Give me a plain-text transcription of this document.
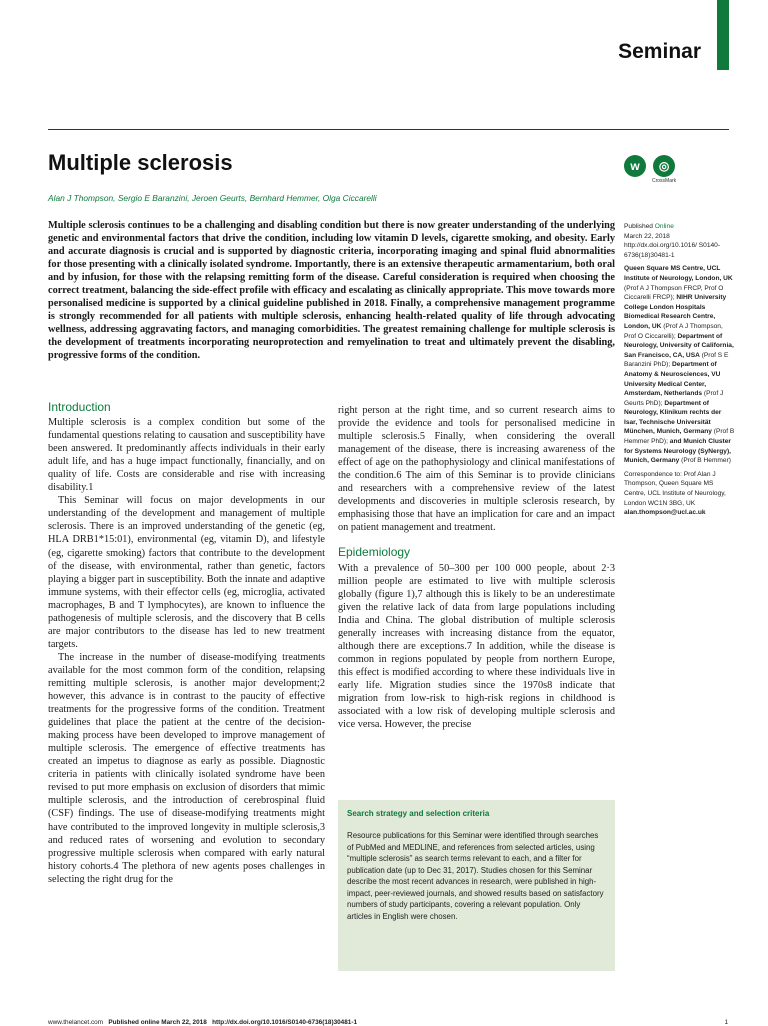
Seminar
Multiple sclerosis	w	◎
CrossMark
Alan J Thompson, Sergio E Baranzini, Jeroen Geurts, Bernhard Hemmer, Olga Ciccarelli

Multiple sclerosis continues to be a challenging and disabling condition but there is now greater understanding of the underlying genetic and environmental factors that drive the condition, including low vitamin D levels, cigarette smoking, and obesity. Early and accurate diagnosis is crucial and is supported by diagnostic criteria, incorporating imaging and spinal fluid abnormalities for those presenting with a clinically isolated syndrome. Importantly, there is an extensive therapeutic armamentarium, both oral and by infusion, for those with the relapsing remitting form of the disease. Careful consideration is required when choosing the correct treatment, balancing the side-effect profile with efficacy and escalating as clinically appropriate. This move towards more personalised medicine is supported by a clinical guideline published in 2018. Finally, a comprehensive management programme is strongly recommended for all patients with multiple sclerosis, enhancing health-related quality of life through advocating wellness, addressing aggravating factors, and managing comorbidities. The greatest remaining challenge for multiple sclerosis is the development of treatments incorporating neuroprotection and remyelination to treat and ultimately prevent the disabling, progressive forms of the condition.

Published Online
March 22, 2018
http://dx.doi.org/10.1016/ S0140-6736(18)30481-1

Queen Square MS Centre, UCL Institute of Neurology, London, UK (Prof A J Thompson FRCP, Prof O Ciccarelli FRCP); NIHR University College London Hospitals Biomedical Research Centre, London, UK (Prof A J Thompson, Prof O Ciccarelli); Department of Neurology, University of California, San Francisco, CA, USA (Prof S E Baranzini PhD); Department of Anatomy & Neurosciences, VU University Medical Center, Amsterdam, Netherlands (Prof J Geurts PhD); Department of Neurology, Klinikum rechts der Isar, Technische Universität München, Munich, Germany (Prof B Hemmer PhD); and Munich Cluster for Systems Neurology (SyNergy), Munich, Germany (Prof B Hemmer)

Correspondence to: Prof Alan J Thompson, Queen Square MS Centre, UCL Institute of Neurology, London WC1N 3BG, UK
alan.thompson@ucl.ac.uk

Introduction

Multiple sclerosis is a complex condition but some of the fundamental questions relating to causation and susceptibility have been answered. It predominantly affects individuals in their early adult life, and has a huge impact functionally, financially, and on quality of life. Costs are considerable and rise with increasing disability.1

This Seminar will focus on major developments in our understanding of the development and management of multiple sclerosis. There is an improved understanding of the genetic (eg, HLA DRB1*15:01), environmental (eg, vitamin D), and lifestyle (eg, cigarette smoking) factors that contribute to the development of the disease, with environmental, rather than genetic, factors playing a bigger part in susceptibility. Both the innate and adaptive immune systems, with their effector cells (eg, microglia, activated macrophages, B and T lymphocytes), are known to influence the pathogenesis of multiple sclerosis, and the discovery that B cells are major contributors to the disease has led to new treatment targets.

The increase in the number of disease-modifying treatments available for the most common form of the condition, relapsing remitting multiple sclerosis, is another major development;2 however, this advance is in contrast to the paucity of effective treatments for the progressive forms of the condition. Treatment guidelines that place the patient at the centre of the decision-making process have been developed to improve management of multiple sclerosis. The emergence of effective treatments has created an impetus to diagnose as early as possible. Diagnostic criteria in patients with clinically isolated syndrome have been revised to put more emphasis on exclusion of disorders that mimic multiple sclerosis, and the introduction of cerebrospinal fluid (CSF) findings. The use of disease-modifying treatments might have contributed to the improved longevity in multiple sclerosis,3 and reduced rates of worsening and evolution to secondary progressive multiple sclerosis when compared with early natural history cohorts.4 The plethora of new agents poses challenges in selecting the right drug for the

right person at the right time, and so current research aims to provide the evidence and tools for personalised medicine in multiple sclerosis.5 Finally, when considering the overall management of the disease, there is increasing awareness of the effect of age on the pathophysiology and clinical manifestations of the condition.6 The aim of this Seminar is to provide clinicians and researchers with a comprehensive review of the latest developments and discoveries in multiple sclerosis research, by emphasising those that have an implication for care and an impact on patient management and treatment.

Epidemiology

With a prevalence of 50–300 per 100 000 people, about 2·3 million people are estimated to live with multiple sclerosis globally (figure 1),7 although this is likely to be an underestimate given the relative lack of data from large populations including India and China. The global distribution of multiple sclerosis generally increases with increasing distance from the equator, although there are exceptions.7 In addition, while the disease is common in regions populated by people from northern Europe, this effect is modified according to where these individuals live in early life. Migration studies since the 1970s8 indicate that migration from low-risk to high-risk regions in childhood is associated with a low risk of developing multiple sclerosis and vice versa. However, the precise

Search strategy and selection criteria

Resource publications for this Seminar were identified through searches of PubMed and MEDLINE, and references from selected articles, using “multiple sclerosis” as search terms relevant to each, and a filter for publication date (up to Dec 31, 2017). Studies chosen for this Seminar describe the most recent advances in research, were published in high-impact, peer-reviewed journals, and showed results based on satisfactory numbers of study participants, covering a relevant population. Only articles in English were chosen.

www.thelancet.com Published online March 22, 2018 http://dx.doi.org/10.1016/S0140-6736(18)30481-1	1
